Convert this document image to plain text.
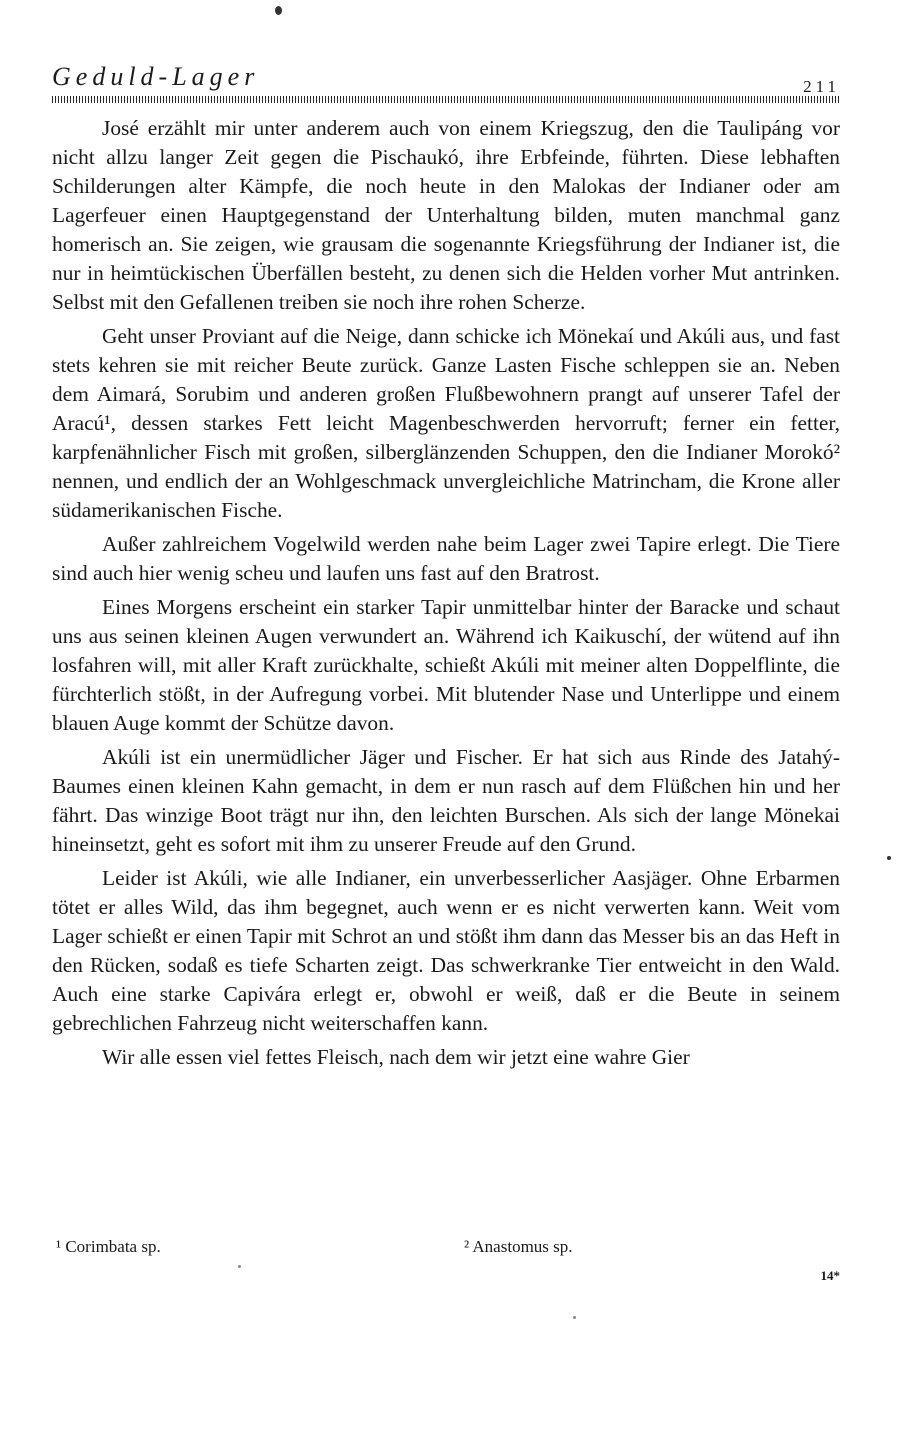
Geduld-Lager	211

José erzählt mir unter anderem auch von einem Kriegszug, den die Taulipáng vor nicht allzu langer Zeit gegen die Pischaukó, ihre Erbfeinde, führten. Diese lebhaften Schilderungen alter Kämpfe, die noch heute in den Malokas der Indianer oder am Lagerfeuer einen Hauptgegenstand der Unterhaltung bilden, muten manchmal ganz homerisch an. Sie zeigen, wie grausam die sogenannte Kriegsführung der Indianer ist, die nur in heimtückischen Überfällen besteht, zu denen sich die Helden vorher Mut antrinken. Selbst mit den Gefallenen treiben sie noch ihre rohen Scherze.

Geht unser Proviant auf die Neige, dann schicke ich Mönekaí und Akúli aus, und fast stets kehren sie mit reicher Beute zurück. Ganze Lasten Fische schleppen sie an. Neben dem Aimará, Sorubim und anderen großen Flußbewohnern prangt auf unserer Tafel der Aracú¹, dessen starkes Fett leicht Magenbeschwerden hervorruft; ferner ein fetter, karpfenähnlicher Fisch mit großen, silberglänzenden Schuppen, den die Indianer Morokó² nennen, und endlich der an Wohlgeschmack unvergleichliche Matrincham, die Krone aller südamerikanischen Fische.

Außer zahlreichem Vogelwild werden nahe beim Lager zwei Tapire erlegt. Die Tiere sind auch hier wenig scheu und laufen uns fast auf den Bratrost.

Eines Morgens erscheint ein starker Tapir unmittelbar hinter der Baracke und schaut uns aus seinen kleinen Augen verwundert an. Während ich Kaikuschí, der wütend auf ihn losfahren will, mit aller Kraft zurückhalte, schießt Akúli mit meiner alten Doppelflinte, die fürchterlich stößt, in der Aufregung vorbei. Mit blutender Nase und Unterlippe und einem blauen Auge kommt der Schütze davon.

Akúli ist ein unermüdlicher Jäger und Fischer. Er hat sich aus Rinde des Jatahý-Baumes einen kleinen Kahn gemacht, in dem er nun rasch auf dem Flüßchen hin und her fährt. Das winzige Boot trägt nur ihn, den leichten Burschen. Als sich der lange Mönekai hineinsetzt, geht es sofort mit ihm zu unserer Freude auf den Grund.

Leider ist Akúli, wie alle Indianer, ein unverbesserlicher Aasjäger. Ohne Erbarmen tötet er alles Wild, das ihm begegnet, auch wenn er es nicht verwerten kann. Weit vom Lager schießt er einen Tapir mit Schrot an und stößt ihm dann das Messer bis an das Heft in den Rücken, sodaß es tiefe Scharten zeigt. Das schwerkranke Tier entweicht in den Wald. Auch eine starke Capivára erlegt er, obwohl er weiß, daß er die Beute in seinem gebrechlichen Fahrzeug nicht weiterschaffen kann.

Wir alle essen viel fettes Fleisch, nach dem wir jetzt eine wahre Gier

¹ Corimbata sp.	² Anastomus sp.
14*
